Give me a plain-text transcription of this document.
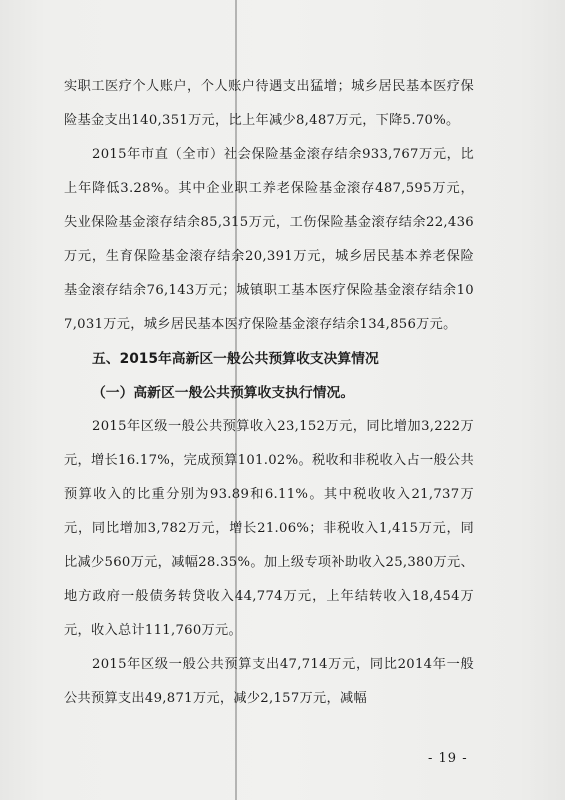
实职工医疗个人账户，个人账户待遇支出猛增；城乡居民基本医疗保险基金支出140,351万元，比上年减少8,487万元，下降5.70%。

2015年市直（全市）社会保险基金滚存结余933,767万元，比上年降低3.28%。其中企业职工养老保险基金滚存487,595万元，失业保险基金滚存结余85,315万元，工伤保险基金滚存结余22,436万元，生育保险基金滚存结余20,391万元，城乡居民基本养老保险基金滚存结余76,143万元；城镇职工基本医疗保险基金滚存结余107,031万元，城乡居民基本医疗保险基金滚存结余134,856万元。

五、2015年高新区一般公共预算收支决算情况

（一）高新区一般公共预算收支执行情况。

2015年区级一般公共预算收入23,152万元，同比增加3,222万元，增长16.17%，完成预算101.02%。税收和非税收入占一般公共预算收入的比重分别为93.89和6.11%。其中税收收入21,737万元，同比增加3,782万元，增长21.06%；非税收入1,415万元，同比减少560万元，减幅28.35%。加上级专项补助收入25,380万元、地方政府一般债务转贷收入44,774万元，上年结转收入18,454万元，收入总计111,760万元。

2015年区级一般公共预算支出47,714万元，同比2014年一般公共预算支出49,871万元，减少2,157万元，减幅

- 19 -
